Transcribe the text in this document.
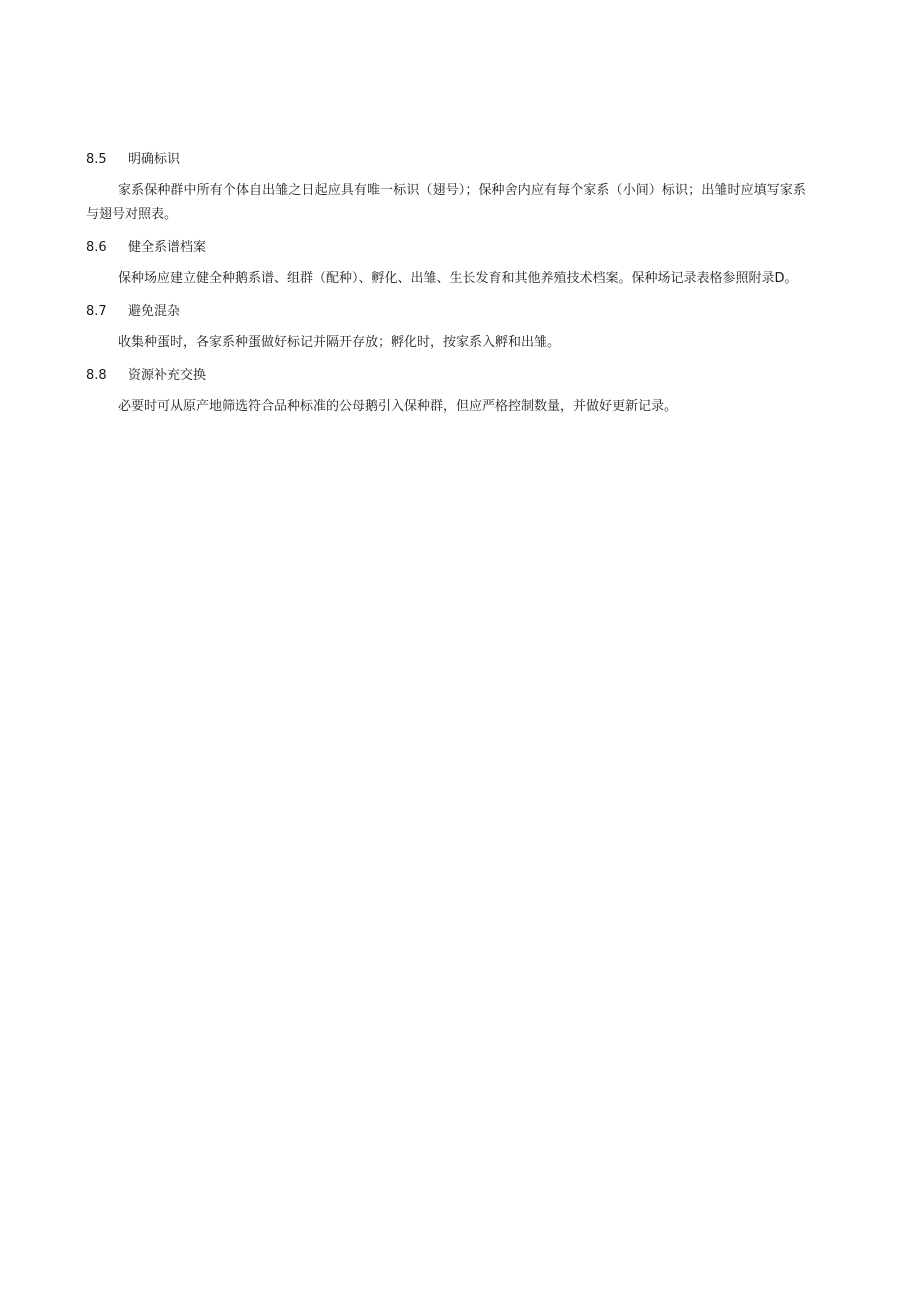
8.5	明确标识

家系保种群中所有个体自出雏之日起应具有唯一标识（翅号）；保种舍内应有每个家系（小间）标识；出雏时应填写家系与翅号对照表。

8.6	健全系谱档案

保种场应建立健全种鹅系谱、组群（配种）、孵化、出雏、生长发育和其他养殖技术档案。保种场记录表格参照附录D。

8.7	避免混杂

收集种蛋时，各家系种蛋做好标记并隔开存放；孵化时，按家系入孵和出雏。

8.8	资源补充交换

必要时可从原产地筛选符合品种标准的公母鹅引入保种群，但应严格控制数量，并做好更新记录。
